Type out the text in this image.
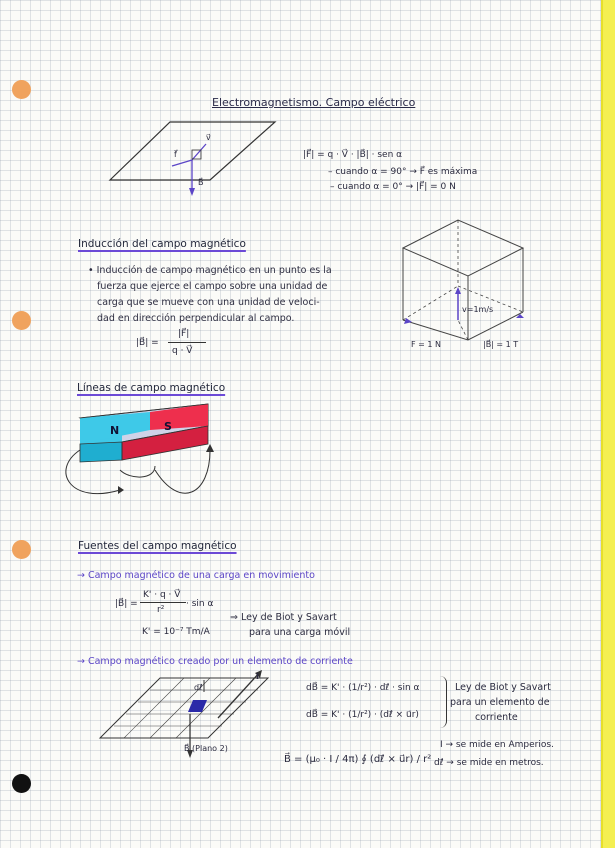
Electromagnetismo. Campo eléctrico
v⃗
f⃗
B⃗
|F⃗| = q · V⃗ · |B⃗| · sen α
– cuando α = 90° → F⃗ es máxima
– cuando α = 0° → |F⃗| = 0 N
Inducción del campo magnético
• Inducción de campo magnético en un punto es la
fuerza que ejerce el campo sobre una unidad de
carga que se mueve con una unidad de veloci-
dad en dirección perpendicular al campo.
|B⃗| =
|F⃗|
q · V⃗
v=1m/s
F = 1 N	|B⃗| = 1 T
Líneas de campo magnético
N	S
Fuentes del campo magnético
→ Campo magnético de una carga en movimiento
|B⃗| =
K' · q · V⃗
r²
· sin α
K' = 10⁻⁷ Tm/A
⇒ Ley de Biot y Savart
para una carga móvil
→ Campo magnético creado por un elemento de corriente
I
dℓ⃗
B⃗ (Plano 2)
dB⃗ = K' · (1/r²) · dℓ⃗ · sin α
dB⃗ = K' · (1/r²) · (dℓ⃗ × u⃗r)
Ley de Biot y Savart
para un elemento de
corriente
B⃗ = (μ₀ · I / 4π) ∮ (dℓ⃗ × u⃗r) / r²
I → se mide en Amperios.
dℓ⃗ → se mide en metros.
